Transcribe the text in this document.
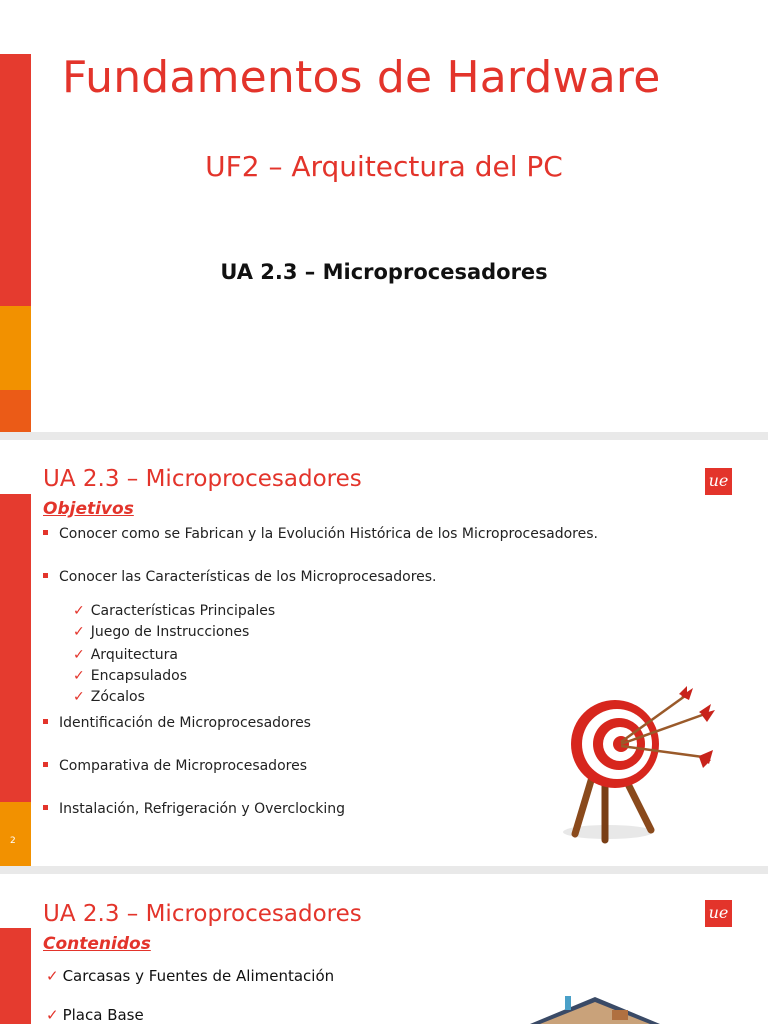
Fundamentos de Hardware
UF2 – Arquitectura del PC
UA 2.3 – Microprocesadores
2
UA 2.3 – Microprocesadores
Objetivos
ue
Conocer como se Fabrican y la Evolución Histórica de los Microprocesadores.
Conocer las Características de los Microprocesadores.
✓ Características Principales
✓ Juego de Instrucciones
✓ Arquitectura
✓ Encapsulados
✓ Zócalos
Identificación de Microprocesadores
Comparativa de Microprocesadores
Instalación, Refrigeración y Overclocking
UA 2.3 – Microprocesadores
Contenidos
ue
✓ Carcasas y Fuentes de Alimentación
✓ Placa Base
